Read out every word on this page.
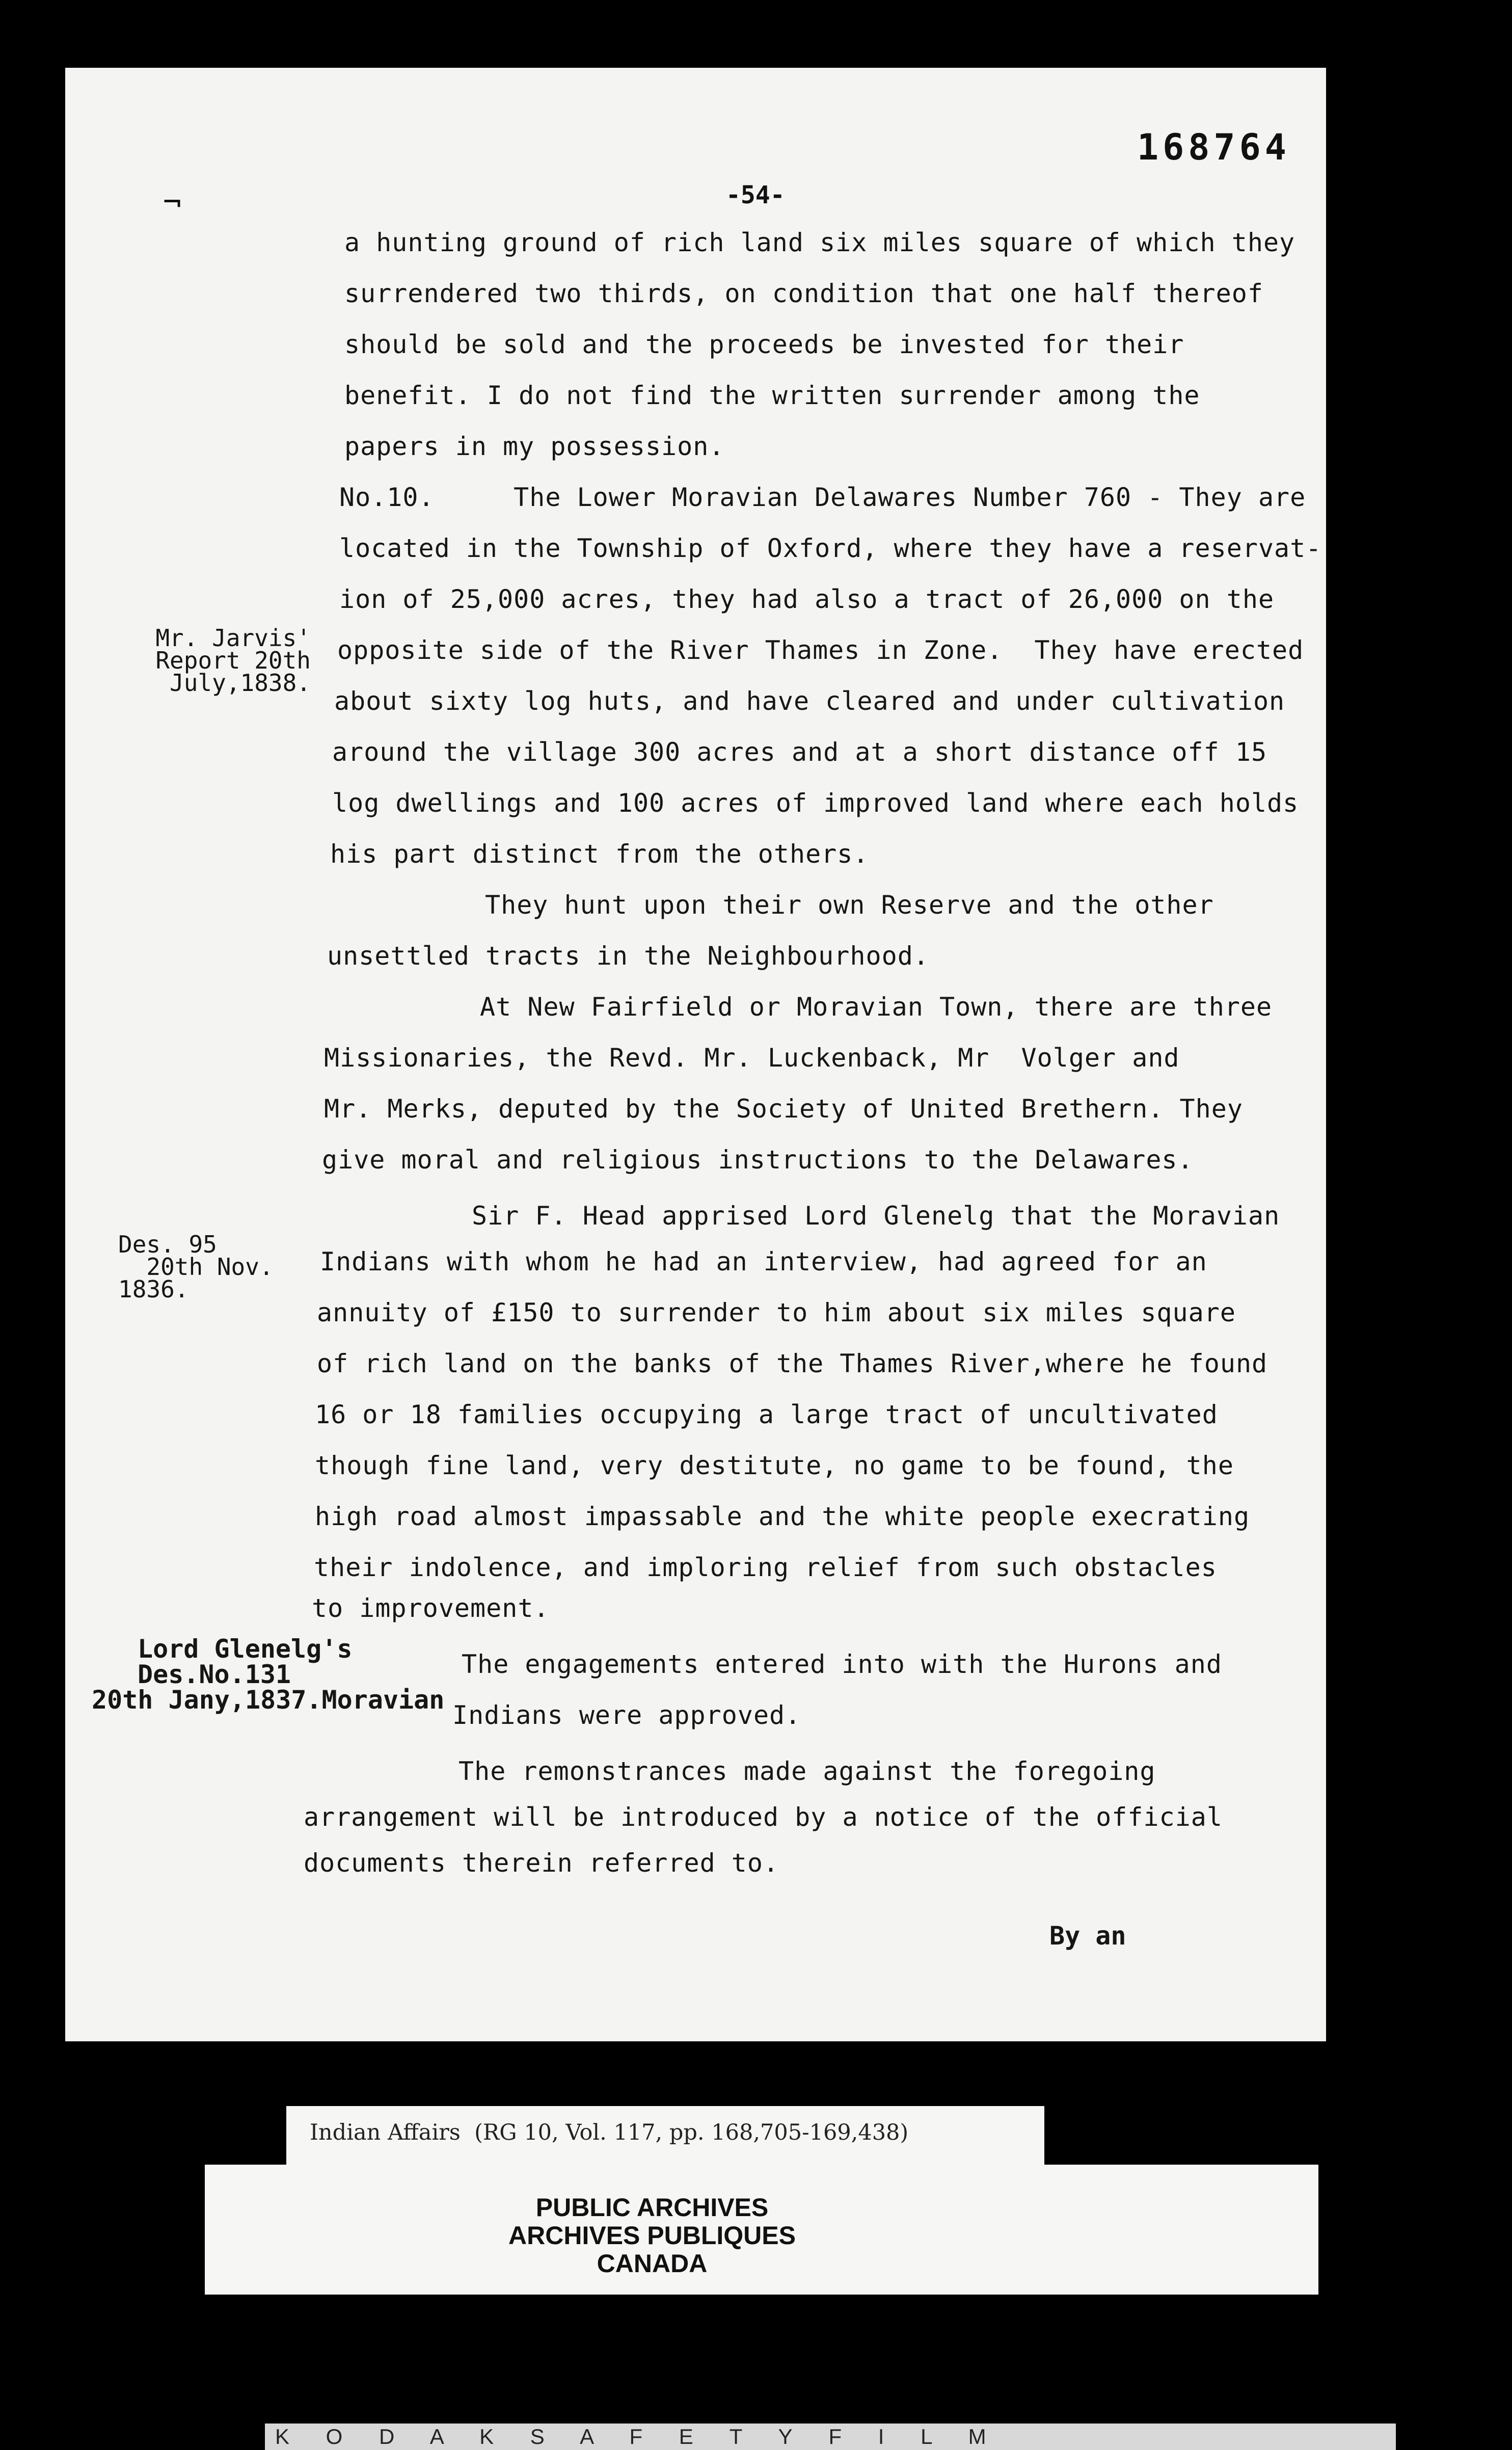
168764
¬	-54-
a hunting ground of rich land six miles square of which they
surrendered two thirds, on condition that one half thereof
should be sold and the proceeds be invested for their
benefit. I do not find the written surrender among the
papers in my possession.
No.10.     The Lower Moravian Delawares Number 760 - They are
located in the Township of Oxford, where they have a reservat-
ion of 25,000 acres, they had also a tract of 26,000 on the
opposite side of the River Thames in Zone.  They have erected
about sixty log huts, and have cleared and under cultivation
around the village 300 acres and at a short distance off 15
log dwellings and 100 acres of improved land where each holds
his part distinct from the others.
They hunt upon their own Reserve and the other
unsettled tracts in the Neighbourhood.
At New Fairfield or Moravian Town, there are three
Missionaries, the Revd. Mr. Luckenback, Mr  Volger and
Mr. Merks, deputed by the Society of United Brethern. They
give moral and religious instructions to the Delawares.
Sir F. Head apprised Lord Glenelg that the Moravian
Indians with whom he had an interview, had agreed for an
annuity of £150 to surrender to him about six miles square
of rich land on the banks of the Thames River,where he found
16 or 18 families occupying a large tract of uncultivated
though fine land, very destitute, no game to be found, the
high road almost impassable and the white people execrating
their indolence, and imploring relief from such obstacles
to improvement.
The engagements entered into with the Hurons and
Indians were approved.
The remonstrances made against the foregoing
arrangement will be introduced by a notice of the official
documents therein referred to.
Mr. Jarvis'
Report 20th
July,1838.
Des. 95
20th Nov.
1836.
Lord Glenelg's
Des.No.131
20th Jany,1837.Moravian
By an
Indian Affairs  (RG 10, Vol. 117, pp. 168,705-169,438)
PUBLIC ARCHIVES
ARCHIVES PUBLIQUES
CANADA
K O D A K S A F E T Y F I L M
